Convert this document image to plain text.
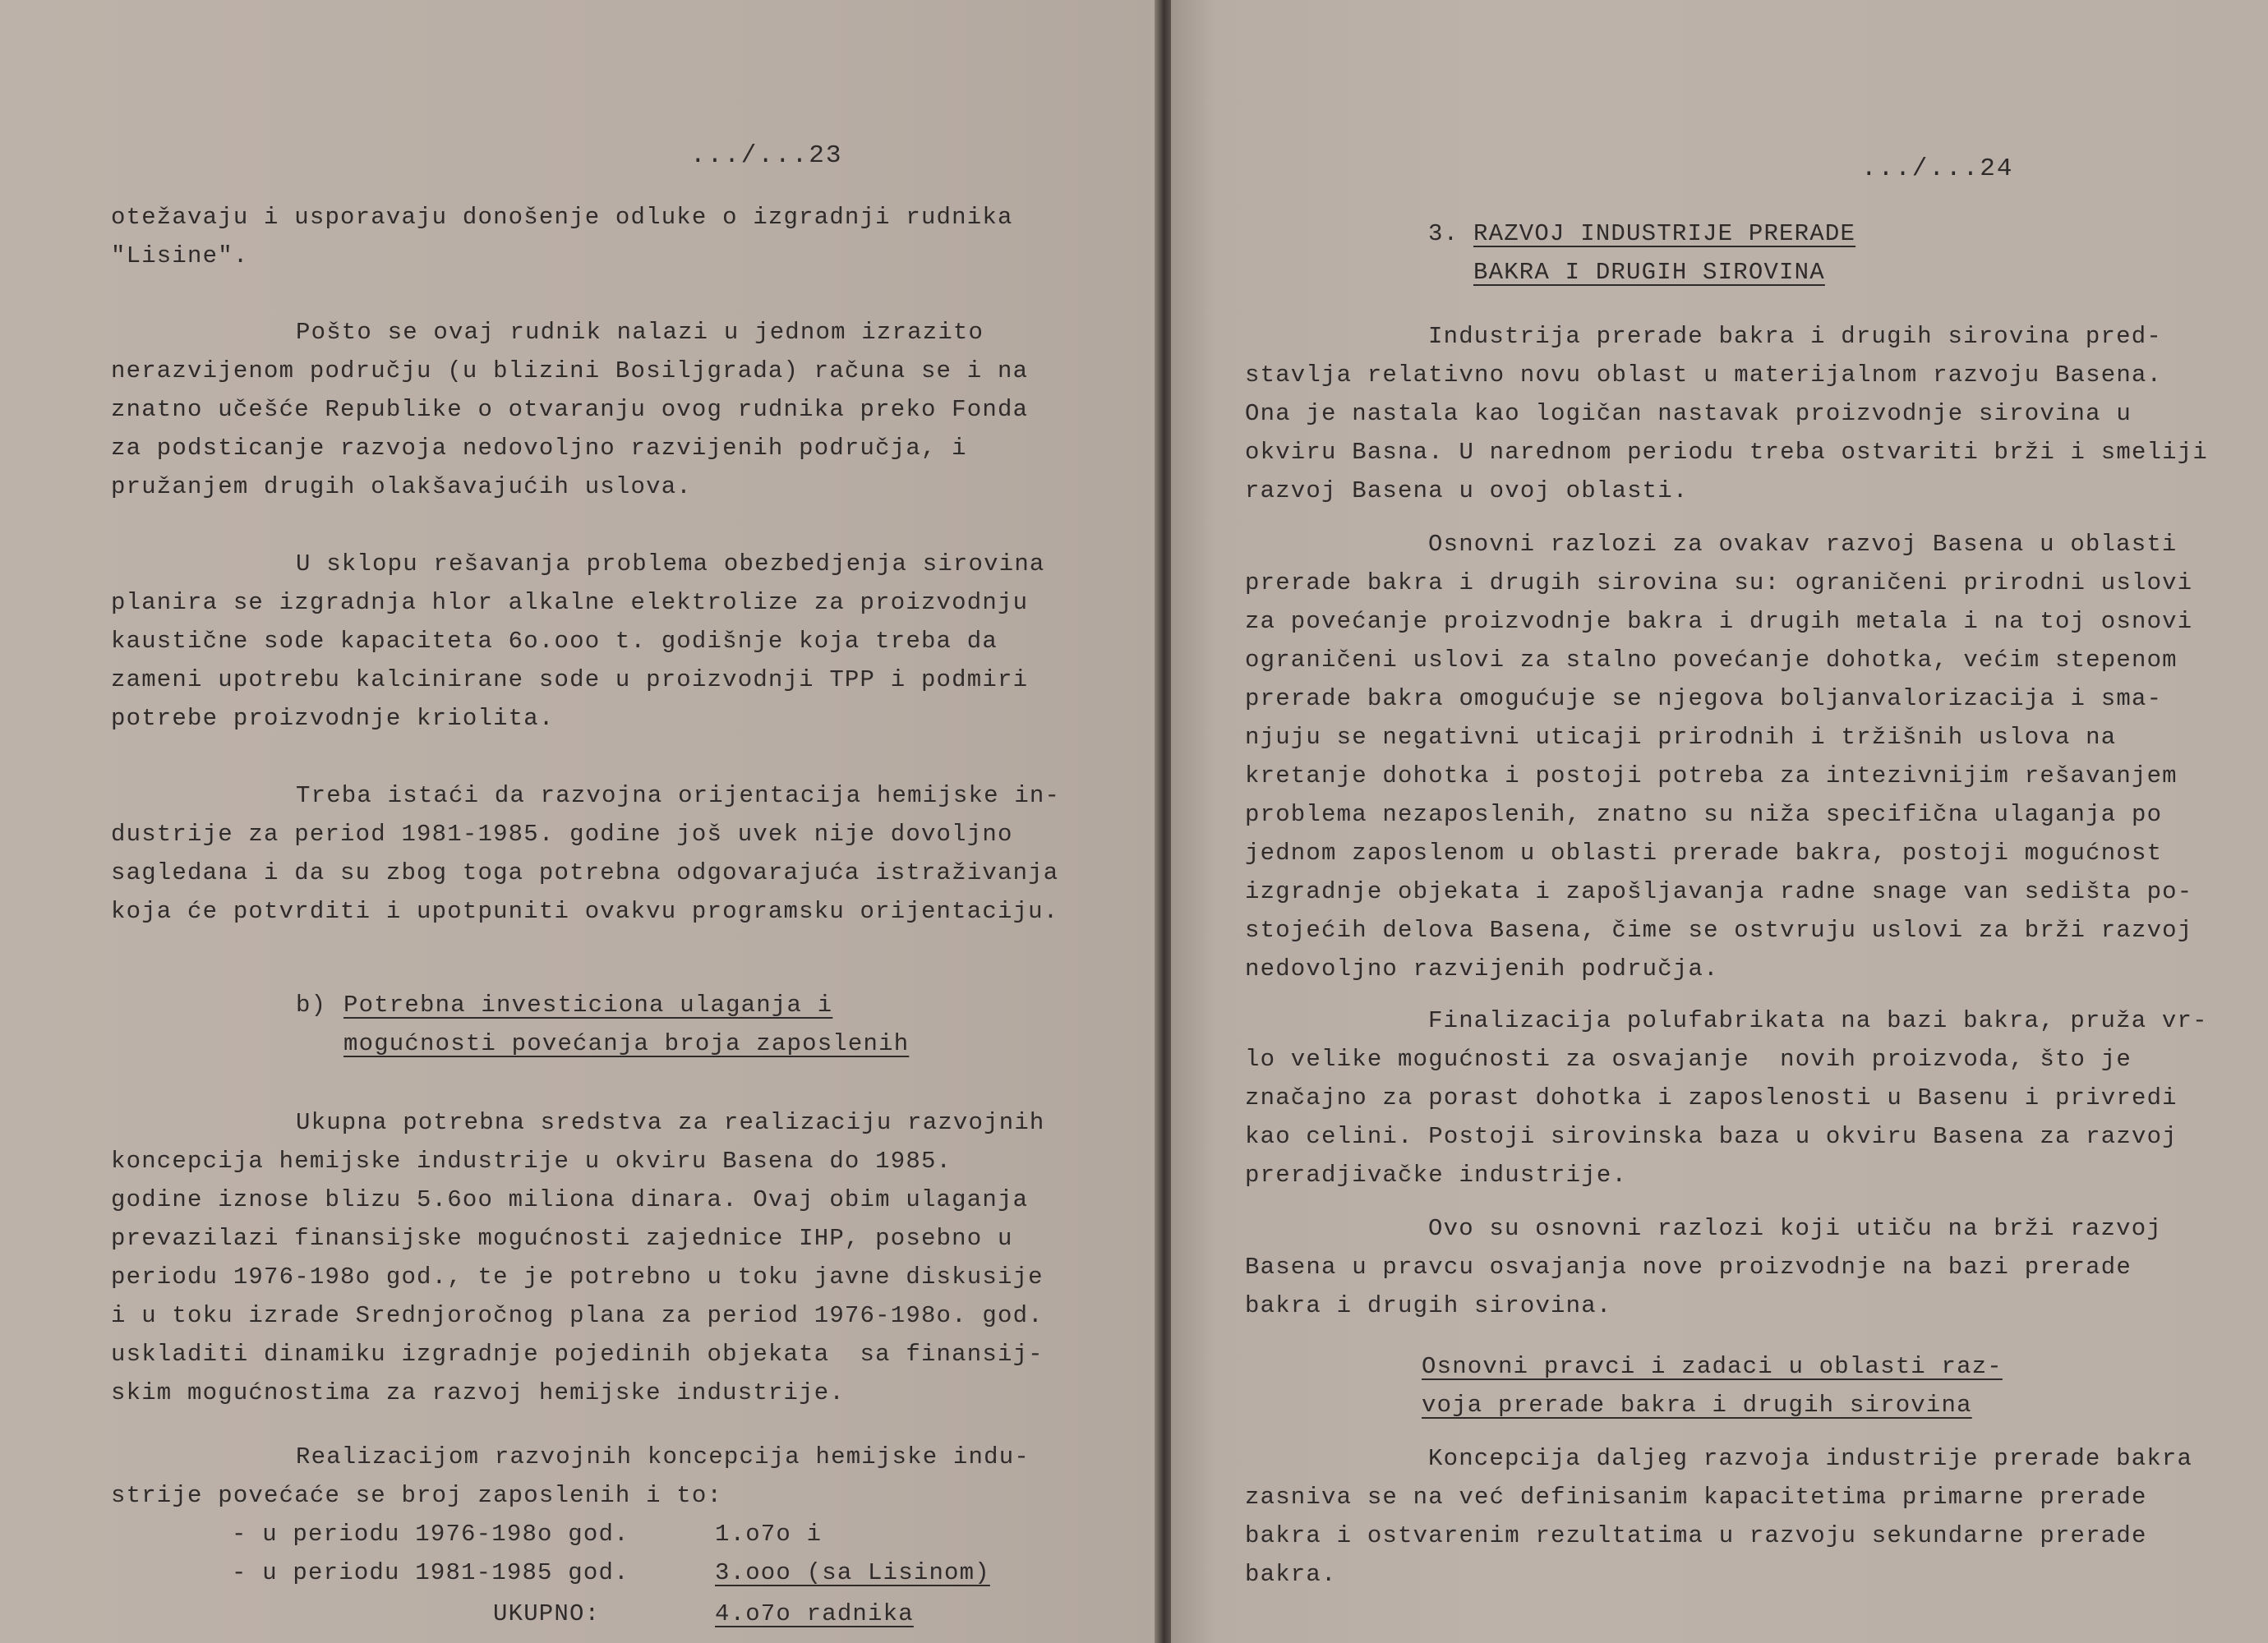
.../...23
otežavaju i usporavaju donošenje odluke o izgradnji rudnika
"Lisine".
Pošto se ovaj rudnik nalazi u jednom izrazito
nerazvijenom području (u blizini Bosiljgrada) računa se i na
znatno učešće Republike o otvaranju ovog rudnika preko Fonda
za podsticanje razvoja nedovoljno razvijenih područja, i
pružanjem drugih olakšavajućih uslova.
U sklopu rešavanja problema obezbedjenja sirovina
planira se izgradnja hlor alkalne elektrolize za proizvodnju
kaustične sode kapaciteta 6o.ooo t. godišnje koja treba da
zameni upotrebu kalcinirane sode u proizvodnji TPP i podmiri
potrebe proizvodnje kriolita.
Treba istaći da razvojna orijentacija hemijske in-
dustrije za period 1981-1985. godine još uvek nije dovoljno
sagledana i da su zbog toga potrebna odgovarajuća istraživanja
koja će potvrditi i upotpuniti ovakvu programsku orijentaciju.
b) Potrebna investiciona ulaganja i
mogućnosti povećanja broja zaposlenih
Ukupna potrebna sredstva za realizaciju razvojnih
koncepcija hemijske industrije u okviru Basena do 1985.
godine iznose blizu 5.6oo miliona dinara. Ovaj obim ulaganja
prevazilazi finansijske mogućnosti zajednice IHP, posebno u
periodu 1976-198o god., te je potrebno u toku javne diskusije
i u toku izrade Srednjoročnog plana za period 1976-198o. god.
uskladiti dinamiku izgradnje pojedinih objekata  sa finansij-
skim mogućnostima za razvoj hemijske industrije.
Realizacijom razvojnih koncepcija hemijske indu-
strije povećaće se broj zaposlenih i to:
- u periodu 1976-198o god.	1.o7o i
- u periodu 1981-1985 god.	3.ooo (sa Lisinom)
UKUPNO:	4.o7o radnika
.../...24
3. RAZVOJ INDUSTRIJE PRERADE
BAKRA I DRUGIH SIROVINA
Industrija prerade bakra i drugih sirovina pred-
stavlja relativno novu oblast u materijalnom razvoju Basena.
Ona je nastala kao logičan nastavak proizvodnje sirovina u
okviru Basna. U narednom periodu treba ostvariti brži i smeliji
razvoj Basena u ovoj oblasti.
Osnovni razlozi za ovakav razvoj Basena u oblasti
prerade bakra i drugih sirovina su: ograničeni prirodni uslovi
za povećanje proizvodnje bakra i drugih metala i na toj osnovi
ograničeni uslovi za stalno povećanje dohotka, većim stepenom
prerade bakra omogućuje se njegova boljanvalorizacija i sma-
njuju se negativni uticaji prirodnih i tržišnih uslova na
kretanje dohotka i postoji potreba za intezivnijim rešavanjem
problema nezaposlenih, znatno su niža specifična ulaganja po
jednom zaposlenom u oblasti prerade bakra, postoji mogućnost
izgradnje objekata i zapošljavanja radne snage van sedišta po-
stojećih delova Basena, čime se ostvruju uslovi za brži razvoj
nedovoljno razvijenih područja.
Finalizacija polufabrikata na bazi bakra, pruža vr-
lo velike mogućnosti za osvajanje  novih proizvoda, što je
značajno za porast dohotka i zaposlenosti u Basenu i privredi
kao celini. Postoji sirovinska baza u okviru Basena za razvoj
preradjivačke industrije.
Ovo su osnovni razlozi koji utiču na brži razvoj
Basena u pravcu osvajanja nove proizvodnje na bazi prerade
bakra i drugih sirovina.
Osnovni pravci i zadaci u oblasti raz-
voja prerade bakra i drugih sirovina
Koncepcija daljeg razvoja industrije prerade bakra
zasniva se na već definisanim kapacitetima primarne prerade
bakra i ostvarenim rezultatima u razvoju sekundarne prerade
bakra.
